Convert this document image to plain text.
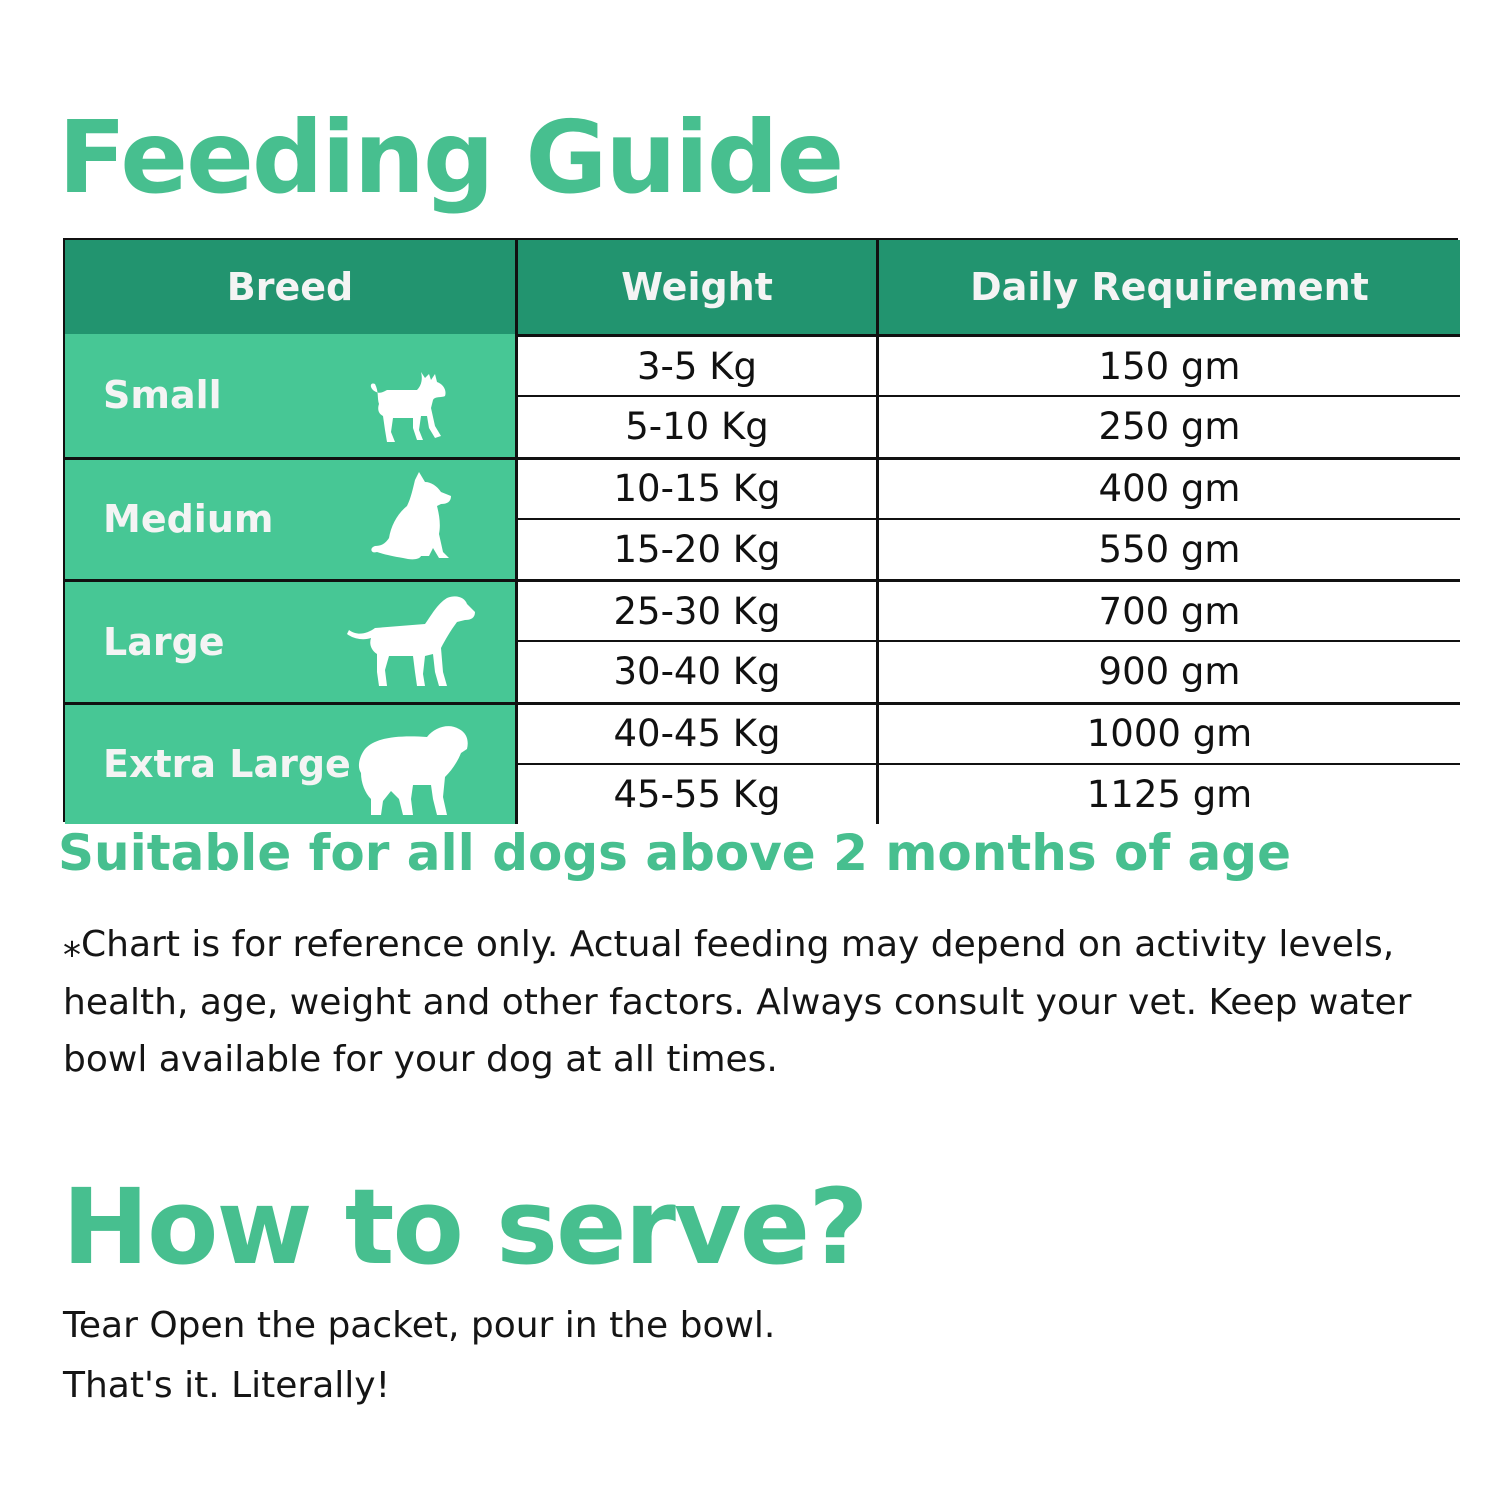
Feeding Guide
Breed	Weight	Daily Requirement
Small
3-5 Kg	150 gm
5-10 Kg	250 gm
Medium
10-15 Kg	400 gm
15-20 Kg	550 gm
Large
25-30 Kg	700 gm
30-40 Kg	900 gm
Extra Large
40-45 Kg	1000 gm
45-55 Kg	1125 gm

Suitable for all dogs above 2 months of age

⁎Chart is for reference only. Actual feeding may depend on activity levels, health, age, weight and other factors. Always consult your vet. Keep water bowl available for your dog at all times.

How to serve?
Tear Open the packet, pour in the bowl.
That's it. Literally!
